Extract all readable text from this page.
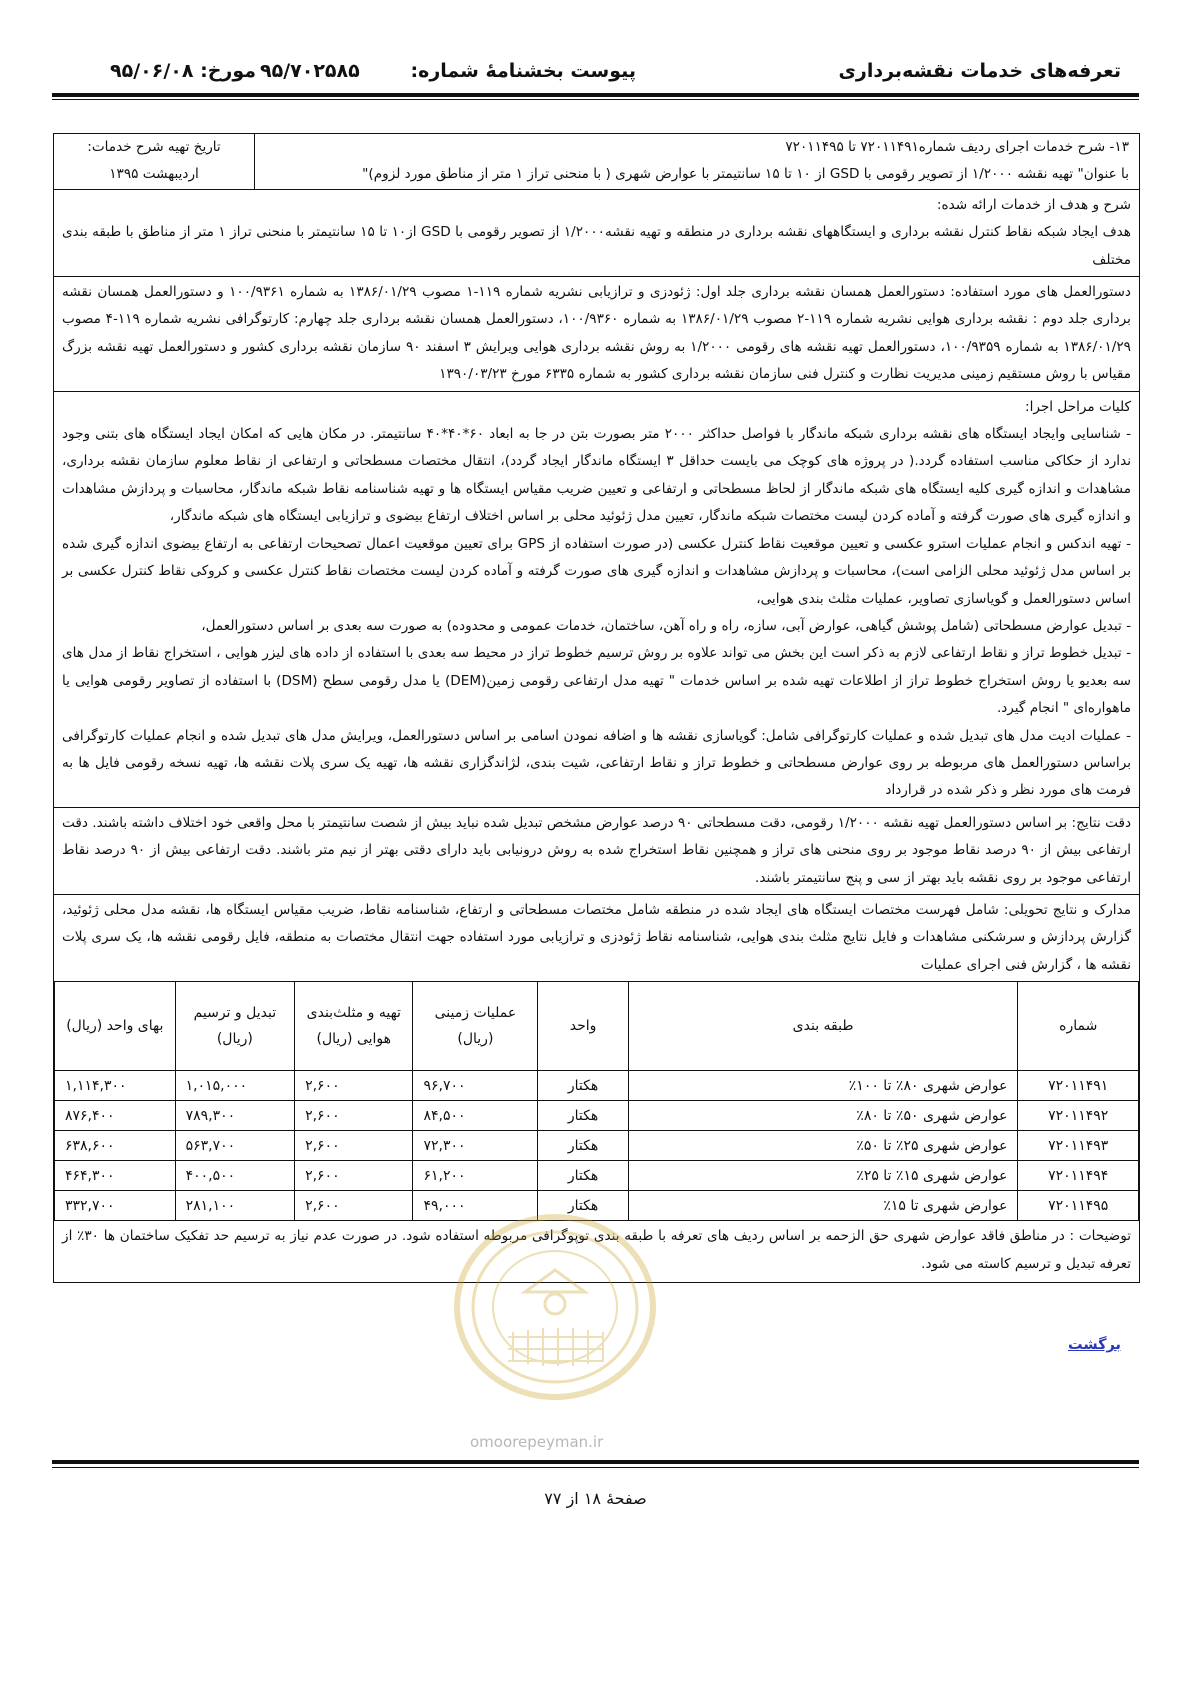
تعرفه‌های خدمات نقشه‌برداری
پیوست بخشنامهٔ شماره:
۹۵/۷۰۲۵۸۵
مورخ: ۹۵/۰۶/۰۸
۱۳- شرح خدمات اجرای ردیف شماره۷۲۰۱۱۴۹۱ تا ۷۲۰۱۱۴۹۵
با عنوان" تهیه نقشه ۱/۲۰۰۰ از تصویر رقومی با GSD از ۱۰ تا ۱۵ سانتیمتر با عوارض شهری ( با منحنی تراز ۱ متر از مناطق مورد لزوم)"
تاریخ تهیه شرح خدمات:
اردیبهشت ۱۳۹۵

شرح و هدف از خدمات ارائه شده:

هدف ایجاد شبکه نقاط کنترل نقشه برداری و ایستگاههای نقشه برداری در منطقه و تهیه نقشه۱/۲۰۰۰ از تصویر رقومی با GSD از۱۰ تا ۱۵ سانتیمتر با منحنی تراز ۱ متر از مناطق با طبقه بندی مختلف

دستورالعمل های مورد استفاده: دستورالعمل همسان نقشه برداری جلد اول: ژئودزی و ترازیابی نشریه شماره ۱۱۹-۱ مصوب ۱۳۸۶/۰۱/۲۹ به شماره ۱۰۰/۹۳۶۱ و دستورالعمل همسان نقشه برداری جلد دوم : نقشه برداری هوایی نشریه شماره ۱۱۹-۲ مصوب ۱۳۸۶/۰۱/۲۹ به شماره ۱۰۰/۹۳۶۰، دستورالعمل همسان نقشه برداری جلد چهارم: کارتوگرافی نشریه شماره ۱۱۹-۴ مصوب ۱۳۸۶/۰۱/۲۹ به شماره ۱۰۰/۹۳۵۹، دستورالعمل تهیه نقشه های رقومی ۱/۲۰۰۰ به روش نقشه برداری هوایی ویرایش ۳ اسفند ۹۰ سازمان نقشه برداری کشور و دستورالعمل تهیه نقشه بزرگ مقیاس با روش مستقیم زمینی مدیریت نظارت و کنترل فنی سازمان نقشه برداری کشور به شماره ۶۳۳۵ مورخ ۱۳۹۰/۰۳/۲۳

کلیات مراحل اجرا:

- شناسایی وایجاد ایستگاه های نقشه برداری شبکه ماندگار با فواصل حداکثر ۲۰۰۰ متر بصورت بتن در جا به ابعاد ۶۰*۴۰*۴۰ سانتیمتر. در مکان هایی که امکان ایجاد ایستگاه های بتنی وجود ندارد از حکاکی مناسب استفاده گردد.( در پروژه های کوچک می بایست حداقل ۳ ایستگاه ماندگار ایجاد گردد)، انتقال مختصات مسطحاتی و ارتفاعی از نقاط معلوم سازمان نقشه برداری، مشاهدات و اندازه گیری کلیه ایستگاه های شبکه ماندگار از لحاظ مسطحاتی و ارتفاعی و تعیین ضریب مقیاس ایستگاه ها و تهیه شناسنامه نقاط شبکه ماندگار، محاسبات و پردازش مشاهدات و اندازه گیری های صورت گرفته و آماده کردن لیست مختصات شبکه ماندگار، تعیین مدل ژئوئید محلی بر اساس اختلاف ارتفاع بیضوی و ترازیابی ایستگاه های شبکه ماندگار،

- تهیه اندکس و انجام عملیات استرو عکسی و تعیین موقعیت نقاط کنترل عکسی (در صورت استفاده از GPS برای تعیین موقعیت اعمال تصحیحات ارتفاعی به ارتفاع بیضوی اندازه گیری شده بر اساس مدل ژئوئید محلی الزامی است)، محاسبات و پردازش مشاهدات و اندازه گیری های صورت گرفته و آماده کردن لیست مختصات نقاط کنترل عکسی و کروکی نقاط کنترل عکسی بر اساس دستورالعمل و گویاسازی تصاویر، عملیات مثلث بندی هوایی،

- تبدیل عوارض مسطحاتی (شامل پوشش گیاهی، عوارض آبی، سازه، راه و راه آهن، ساختمان، خدمات عمومی و محدوده) به صورت سه بعدی بر اساس دستورالعمل،

- تبدیل خطوط تراز و نقاط ارتفاعی لازم به ذکر است این بخش می تواند علاوه بر روش ترسیم خطوط تراز در محیط سه بعدی با استفاده از داده های لیزر هوایی ، استخراج نقاط از مدل های سه بعدیو یا روش استخراج خطوط تراز از اطلاعات تهیه شده بر اساس خدمات " تهیه مدل ارتفاعی رقومی زمین(DEM) یا مدل رقومی سطح (DSM) با استفاده از تصاویر رقومی هوایی یا ماهواره‌ای " انجام گیرد.

- عملیات ادیت مدل های تبدیل شده و عملیات کارتوگرافی شامل: گویاسازی نقشه ها و اضافه نمودن اسامی بر اساس دستورالعمل، ویرایش مدل های تبدیل شده و انجام عملیات کارتوگرافی براساس دستورالعمل های مربوطه بر روی عوارض مسطحاتی و خطوط تراز و نقاط ارتفاعی، شیت بندی، لژاندگزاری نقشه ها، تهیه یک سری پلات نقشه ها، تهیه نسخه رقومی فایل ها به فرمت های مورد نظر و ذکر شده در قرارداد

دقت نتایج: بر اساس دستورالعمل تهیه نقشه ۱/۲۰۰۰ رقومی، دقت مسطحاتی ۹۰ درصد عوارض مشخص تبدیل شده نباید بیش از شصت سانتیمتر با محل واقعی خود اختلاف داشته باشند. دقت ارتفاعی بیش از ۹۰ درصد نقاط موجود بر روی منحنی های تراز و همچنین نقاط استخراج شده به روش درونیابی باید دارای دقتی بهتر از نیم متر باشند. دقت ارتفاعی بیش از ۹۰ درصد نقاط ارتفاعی موجود بر روی نقشه باید بهتر از سی و پنج سانتیمتر باشند.

مدارک و نتایج تحویلی: شامل فهرست مختصات ایستگاه های ایجاد شده در منطقه شامل مختصات مسطحاتی و ارتفاع، شناسنامه نقاط، ضریب مقیاس ایستگاه ها، نقشه مدل محلی ژئوئید، گزارش پردازش و سرشکنی مشاهدات و فایل نتایج مثلث بندی هوایی، شناسنامه نقاط ژئودزی و ترازیابی مورد استفاده جهت انتقال مختصات به منطقه، فایل رقومی نقشه ها، یک سری پلات نقشه ها ، گزارش فنی اجرای عملیات

شماره	طبقه بندی	واحد	عملیات زمینی (ریال)	تهیه و مثلث‌بندی هوایی (ریال)	تبدیل و ترسیم (ریال)	بهای واحد (ریال)
۷۲۰۱۱۴۹۱	عوارض شهری ۸۰٪ تا ۱۰۰٪	هکتار	۹۶,۷۰۰	۲,۶۰۰	۱,۰۱۵,۰۰۰	۱,۱۱۴,۳۰۰
۷۲۰۱۱۴۹۲	عوارض شهری ۵۰٪ تا ۸۰٪	هکتار	۸۴,۵۰۰	۲,۶۰۰	۷۸۹,۳۰۰	۸۷۶,۴۰۰
۷۲۰۱۱۴۹۳	عوارض شهری ۲۵٪ تا ۵۰٪	هکتار	۷۲,۳۰۰	۲,۶۰۰	۵۶۳,۷۰۰	۶۳۸,۶۰۰
۷۲۰۱۱۴۹۴	عوارض شهری ۱۵٪ تا ۲۵٪	هکتار	۶۱,۲۰۰	۲,۶۰۰	۴۰۰,۵۰۰	۴۶۴,۳۰۰
۷۲۰۱۱۴۹۵	عوارض شهری تا ۱۵٪	هکتار	۴۹,۰۰۰	۲,۶۰۰	۲۸۱,۱۰۰	۳۳۲,۷۰۰

توضیحات : در مناطق فاقد عوارض شهری حق الزحمه بر اساس ردیف های تعرفه با طبقه بندی توپوگرافی مربوطه استفاده شود. در صورت عدم نیاز به ترسیم حد تفکیک ساختمان ها ۳۰٪ از تعرفه تبدیل و ترسیم کاسته می شود.

برگشت
omoorepeyman.ir
صفحهٔ ۱۸ از ۷۷
